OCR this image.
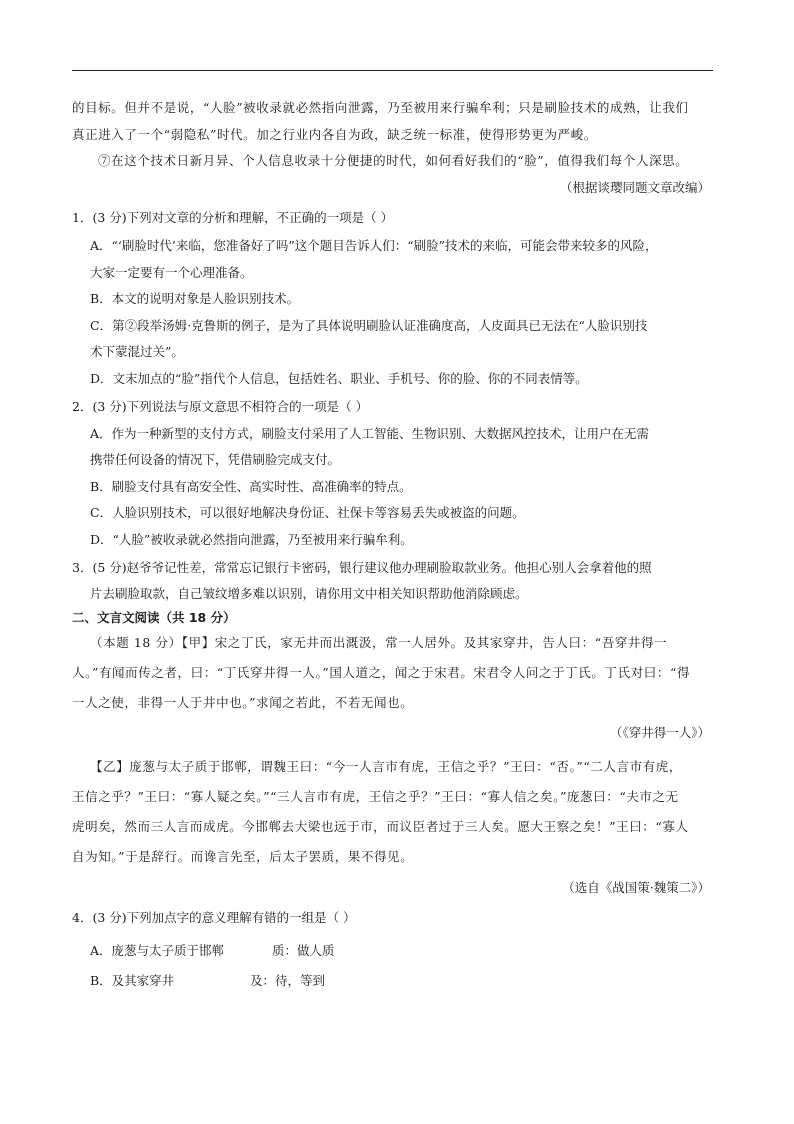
的目标。但并不是说，“人脸”被收录就必然指向泄露，乃至被用来行骗牟利；只是刷脸技术的成熟，让我们
真正进入了一个“弱隐私”时代。加之行业内各自为政，缺乏统一标准，使得形势更为严峻。
⑦在这个技术日新月异、个人信息收录十分便捷的时代，如何看好我们的“脸”，值得我们每个人深思。
（根据谈璎同题文章改编）
1．(3 分)下列对文章的分析和理解，不正确的一项是（ ）
A．“‘刷脸时代’来临，您准备好了吗”这个题目告诉人们：“刷脸”技术的来临，可能会带来较多的风险，
大家一定要有一个心理准备。
B．本文的说明对象是人脸识别技术。
C．第②段举汤姆·克鲁斯的例子，是为了具体说明刷脸认证准确度高，人皮面具已无法在“人脸识别技
术下蒙混过关”。
D．文末加点的“脸”指代个人信息，包括姓名、职业、手机号、你的脸、你的不同表情等。
2．(3 分)下列说法与原文意思不相符合的一项是（ ）
A．作为一种新型的支付方式，刷脸支付采用了人工智能、生物识别、大数据风控技术，让用户在无需
携带任何设备的情况下，凭借刷脸完成支付。
B．刷脸支付具有高安全性、高实时性、高准确率的特点。
C．人脸识别技术，可以很好地解决身份证、社保卡等容易丢失或被盗的问题。
D．“人脸”被收录就必然指向泄露，乃至被用来行骗牟利。
3．(5 分)赵爷爷记性差，常常忘记银行卡密码，银行建议他办理刷脸取款业务。他担心别人会拿着他的照
片去刷脸取款，自己皱纹增多难以识别，请你用文中相关知识帮助他消除顾虑。
二、文言文阅读（共 18 分）
（本题 18 分）【甲】宋之丁氏，家无井而出溉汲，常一人居外。及其家穿井，告人曰：“吾穿井得一
人。”有闻而传之者，曰：“丁氏穿井得一人。”国人道之，闻之于宋君。宋君令人问之于丁氏。丁氏对曰：“得
一人之使，非得一人于井中也。”求闻之若此，不若无闻也。
（《穿井得一人》）
【乙】庞葱与太子质于邯郸，谓魏王曰：“今一人言市有虎，王信之乎？”王曰：“否。”“二人言市有虎，
王信之乎？”王曰：“寡人疑之矣。”“三人言市有虎，王信之乎？”王曰：“寡人信之矣。”庞葱曰：“夫市之无
虎明矣，然而三人言而成虎。今邯郸去大梁也远于市，而议臣者过于三人矣。愿大王察之矣！”王曰：“寡人
自为知。”于是辞行。而谗言先至，后太子罢质，果不得见。
（选自《战国策·魏策二》）
4．(3 分)下列加点字的意义理解有错的一组是（ ）
A．庞葱与太子质于邯郸	质：做人质
B．及其家穿井	及：待，等到
